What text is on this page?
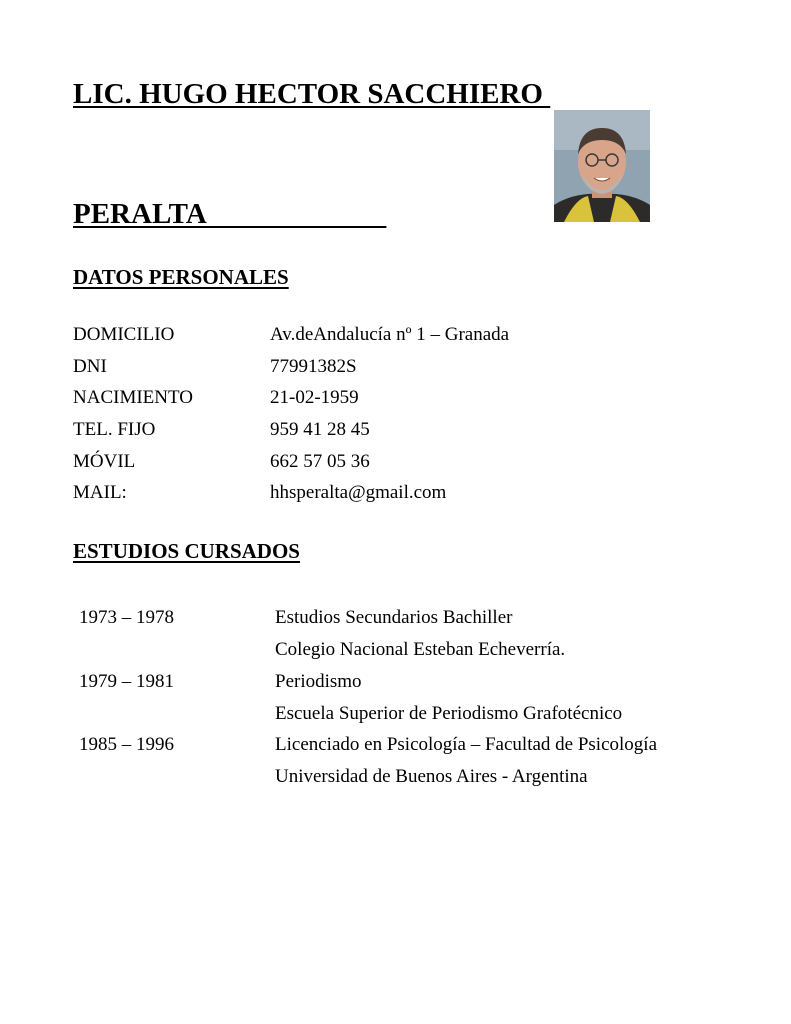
LIC. HUGO HECTOR SACCHIERO
PERALTA
DATOS PERSONALES
DOMICILIO	Av.deAndalucía nº 1 – Granada
DNI	77991382S
NACIMIENTO	21-02-1959
TEL. FIJO	959 41 28 45
MÓVIL	662 57 05 36
MAIL:	hhsperalta@gmail.com
ESTUDIOS CURSADOS
1973 – 1978	Estudios Secundarios Bachiller
Colegio Nacional Esteban Echeverría.
1979 – 1981	Periodismo
Escuela Superior de Periodismo Grafotécnico
1985 – 1996	Licenciado en Psicología – Facultad de Psicología
Universidad de Buenos Aires - Argentina
